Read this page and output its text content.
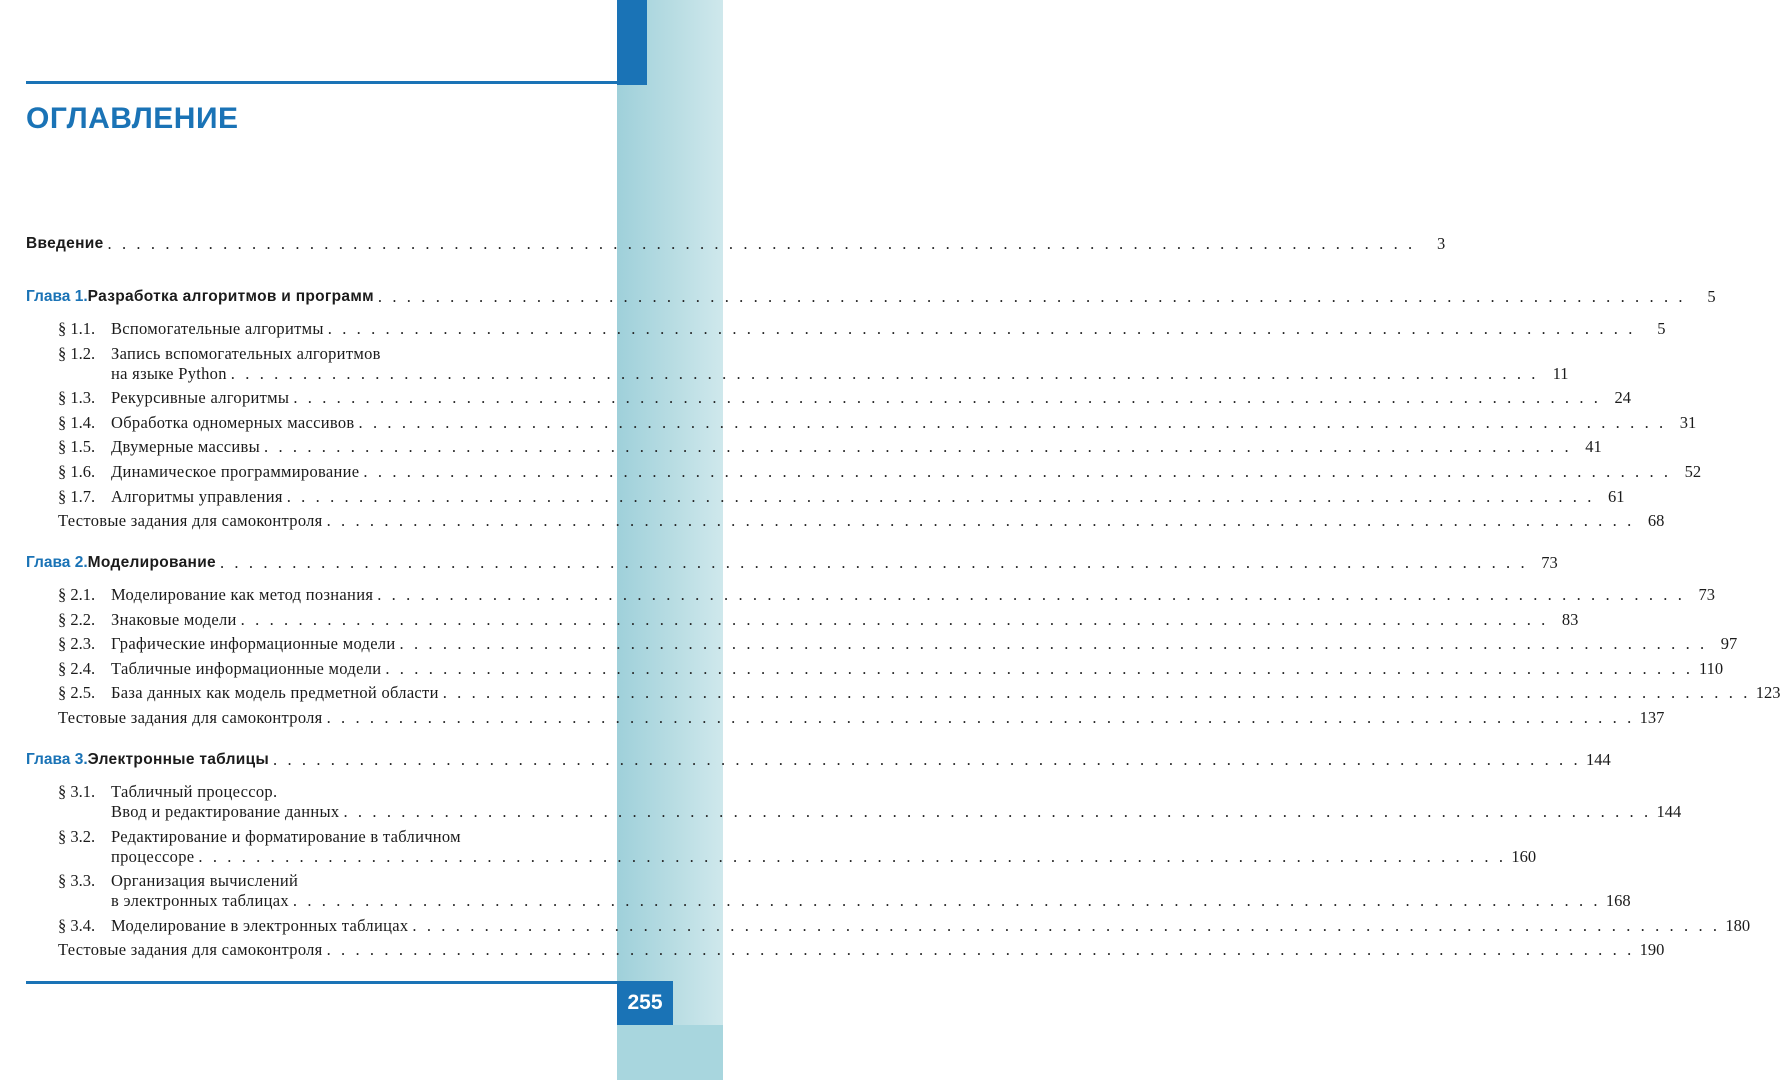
ОГЛАВЛЕНИЕ
Введение . . . . . . . . . . . . . . . . . . . . . . . . . . . . . . . . . . . . . . . . . . . . . . . . . . . . . . . . . . . . . . . . . . . . . . . . . . . . . . . . . . . . . . . . . . .	3
Глава 1. Разработка алгоритмов и программ . . . . . . . . . . . . . . . . . . . . . . . . . . . . . . . . . . . . . . . . . . . . . . . . . . . . . . . . . . . . . . . . . . . . . . . . . . . . . . . . . . . . . . . . . . .	5
§ 1.1. Вспомогательные алгоритмы . . . . . . . . . . . . . . . . . . . . . . . . . . . . . . . . . . . . . . . . . . . . . . . . . . . . . . . . . . . . . . . . . . . . . . . . . . . . . . . . . . . . . . . . . . .	5
§ 1.2. Запись вспомогательных алгоритмов
на языке Python . . . . . . . . . . . . . . . . . . . . . . . . . . . . . . . . . . . . . . . . . . . . . . . . . . . . . . . . . . . . . . . . . . . . . . . . . . . . . . . . . . . . . . . . . . . 11
§ 1.3. Рекурсивные алгоритмы . . . . . . . . . . . . . . . . . . . . . . . . . . . . . . . . . . . . . . . . . . . . . . . . . . . . . . . . . . . . . . . . . . . . . . . . . . . . . . . . . . . . . . . . . . . 24
§ 1.4. Обработка одномерных массивов . . . . . . . . . . . . . . . . . . . . . . . . . . . . . . . . . . . . . . . . . . . . . . . . . . . . . . . . . . . . . . . . . . . . . . . . . . . . . . . . . . . . . . . . . . . 31
§ 1.5. Двумерные массивы . . . . . . . . . . . . . . . . . . . . . . . . . . . . . . . . . . . . . . . . . . . . . . . . . . . . . . . . . . . . . . . . . . . . . . . . . . . . . . . . . . . . . . . . . . . 41
§ 1.6. Динамическое программирование . . . . . . . . . . . . . . . . . . . . . . . . . . . . . . . . . . . . . . . . . . . . . . . . . . . . . . . . . . . . . . . . . . . . . . . . . . . . . . . . . . . . . . . . . . . 52
§ 1.7. Алгоритмы управления . . . . . . . . . . . . . . . . . . . . . . . . . . . . . . . . . . . . . . . . . . . . . . . . . . . . . . . . . . . . . . . . . . . . . . . . . . . . . . . . . . . . . . . . . . . 61
Тестовые задания для самоконтроля . . . . . . . . . . . . . . . . . . . . . . . . . . . . . . . . . . . . . . . . . . . . . . . . . . . . . . . . . . . . . . . . . . . . . . . . . . . . . . . . . . . . . . . . . . . 68
Глава 2. Моделирование . . . . . . . . . . . . . . . . . . . . . . . . . . . . . . . . . . . . . . . . . . . . . . . . . . . . . . . . . . . . . . . . . . . . . . . . . . . . . . . . . . . . . . . . . . . 73
§ 2.1. Моделирование как метод познания . . . . . . . . . . . . . . . . . . . . . . . . . . . . . . . . . . . . . . . . . . . . . . . . . . . . . . . . . . . . . . . . . . . . . . . . . . . . . . . . . . . . . . . . . . . 73
§ 2.2. Знаковые модели . . . . . . . . . . . . . . . . . . . . . . . . . . . . . . . . . . . . . . . . . . . . . . . . . . . . . . . . . . . . . . . . . . . . . . . . . . . . . . . . . . . . . . . . . . . 83
§ 2.3. Графические информационные модели . . . . . . . . . . . . . . . . . . . . . . . . . . . . . . . . . . . . . . . . . . . . . . . . . . . . . . . . . . . . . . . . . . . . . . . . . . . . . . . . . . . . . . . . . . . 97
§ 2.4. Табличные информационные модели . . . . . . . . . . . . . . . . . . . . . . . . . . . . . . . . . . . . . . . . . . . . . . . . . . . . . . . . . . . . . . . . . . . . . . . . . . . . . . . . . . . . . . . . . . . 110
§ 2.5. База данных как модель предметной области . . . . . . . . . . . . . . . . . . . . . . . . . . . . . . . . . . . . . . . . . . . . . . . . . . . . . . . . . . . . . . . . . . . . . . . . . . . . . . . . . . . . . . . . . . . 123
Тестовые задания для самоконтроля . . . . . . . . . . . . . . . . . . . . . . . . . . . . . . . . . . . . . . . . . . . . . . . . . . . . . . . . . . . . . . . . . . . . . . . . . . . . . . . . . . . . . . . . . . . 137
Глава 3. Электронные таблицы . . . . . . . . . . . . . . . . . . . . . . . . . . . . . . . . . . . . . . . . . . . . . . . . . . . . . . . . . . . . . . . . . . . . . . . . . . . . . . . . . . . . . . . . . . . 144
§ 3.1. Табличный процессор.
Ввод и редактирование данных . . . . . . . . . . . . . . . . . . . . . . . . . . . . . . . . . . . . . . . . . . . . . . . . . . . . . . . . . . . . . . . . . . . . . . . . . . . . . . . . . . . . . . . . . . . 144
§ 3.2. Редактирование и форматирование в табличном
процессоре . . . . . . . . . . . . . . . . . . . . . . . . . . . . . . . . . . . . . . . . . . . . . . . . . . . . . . . . . . . . . . . . . . . . . . . . . . . . . . . . . . . . . . . . . . . 160
§ 3.3. Организация вычислений
в электронных таблицах . . . . . . . . . . . . . . . . . . . . . . . . . . . . . . . . . . . . . . . . . . . . . . . . . . . . . . . . . . . . . . . . . . . . . . . . . . . . . . . . . . . . . . . . . . . 168
§ 3.4. Моделирование в электронных таблицах . . . . . . . . . . . . . . . . . . . . . . . . . . . . . . . . . . . . . . . . . . . . . . . . . . . . . . . . . . . . . . . . . . . . . . . . . . . . . . . . . . . . . . . . . . . 180
Тестовые задания для самоконтроля . . . . . . . . . . . . . . . . . . . . . . . . . . . . . . . . . . . . . . . . . . . . . . . . . . . . . . . . . . . . . . . . . . . . . . . . . . . . . . . . . . . . . . . . . . . 190
255
